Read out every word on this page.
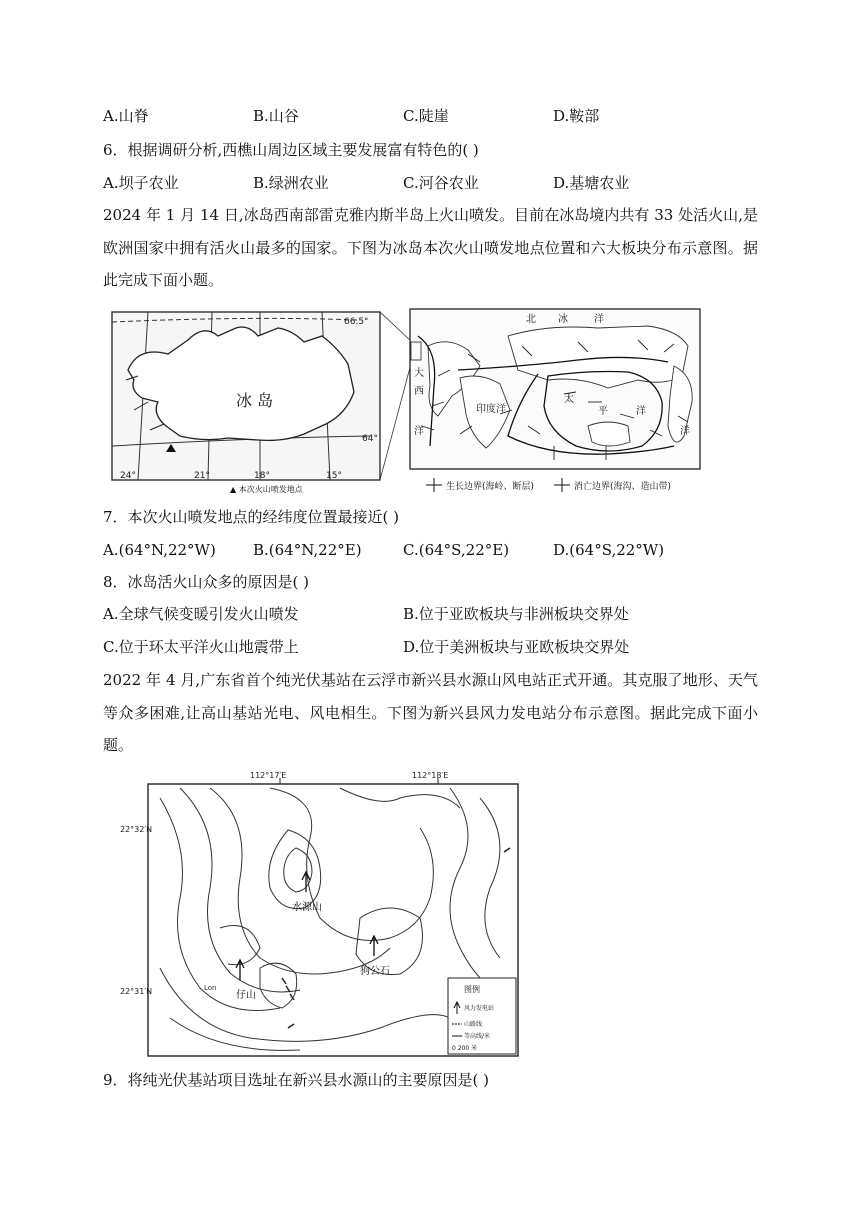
A.山脊	B.山谷	C.陡崖	D.鞍部
6．根据调研分析,西樵山周边区域主要发展富有特色的( )
A.坝子农业	B.绿洲农业	C.河谷农业	D.基塘农业
2024 年 1 月 14 日,冰岛西南部雷克雅内斯半岛上火山喷发。目前在冰岛境内共有 33 处活火山,是欧洲国家中拥有活火山最多的国家。下图为冰岛本次火山喷发地点位置和六大板块分布示意图。据此完成下面小题。
冰 岛
66.5°
64°
24°	21°	18°	15°
▲ 本次火山喷发地点
北 冰	洋
大
西
洋
印度洋
太
平	洋
洋
生长边界(海岭、断层)	消亡边界(海沟、造山带)
7．本次火山喷发地点的经纬度位置最接近( )
A.(64°N,22°W) B.(64°N,22°E)	C.(64°S,22°E)	D.(64°S,22°W)
8．冰岛活火山众多的原因是( )
A.全球气候变暖引发火山喷发	B.位于亚欧板块与非洲板块交界处
C.位于环太平洋火山地震带上	D.位于美洲板块与亚欧板块交界处
2022 年 4 月,广东省首个纯光伏基站在云浮市新兴县水源山风电站正式开通。其克服了地形、天气等众多困难,让高山基站光电、风电相生。下图为新兴县风力发电站分布示意图。据此完成下面小题。
112°17′E	112°18′E
22°32′N
22°31′N
水源山
狗公石
仔山
Lon	图例
风力发电站
山路线
等高线/米
0 200 米
9．将纯光伏基站项目选址在新兴县水源山的主要原因是( )
